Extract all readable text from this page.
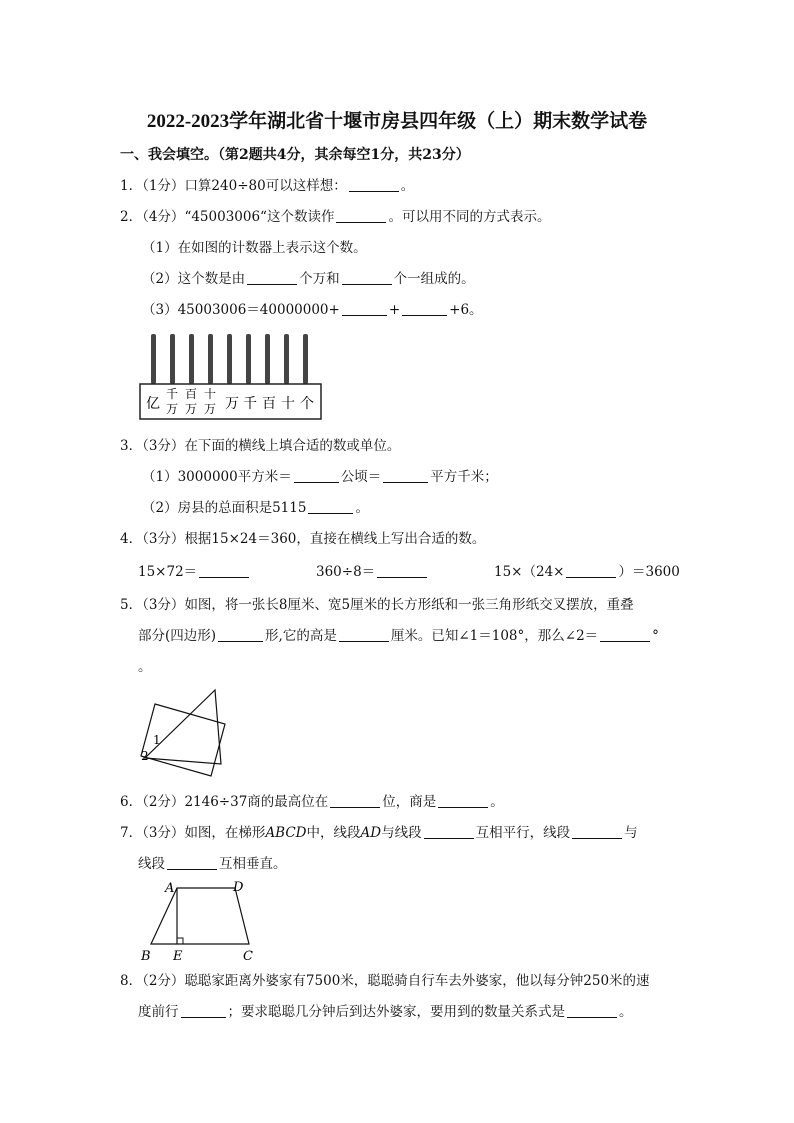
2022-2023学年湖北省十堰市房县四年级（上）期末数学试卷
一、我会填空。（第2题共4分，其余每空1分，共23分）
1．（1分）口算240÷80可以这样想：	。
2．（4分）“45003006“这个数读作	。可以用不同的方式表示。
（1）在如图的计数器上表示这个数。
（2）这个数是由	个万和	个一组成的。
（3）45003006＝40000000+	+	+6。
亿
千
万
百
万
十
万 万 千 百 十 个
3．（3分）在下面的横线上填合适的数或单位。
（1）3000000平方米＝	公顷＝	平方千米；
（2）房县的总面积是5115	。
4．（3分）根据15×24＝360，直接在横线上写出合适的数。
15×72＝	360÷8＝	15×（24×	）＝3600
5．（3分）如图，将一张长8厘米、宽5厘米的长方形纸和一张三角形纸交叉摆放，重叠
部分(四边形)	形,它的高是	厘米。已知∠1＝108°，那么∠2＝	°
。
1
2
6．（2分）2146÷37商的最高位在	位，商是	。
7．（3分）如图，在梯形ABCD中，线段AD与线段	互相平行，线段	与
线段	互相垂直。
A	D
B E	C
8．（2分）聪聪家距离外婆家有7500米，聪聪骑自行车去外婆家，他以每分钟250米的速
度前行	；要求聪聪几分钟后到达外婆家，要用到的数量关系式是	。
